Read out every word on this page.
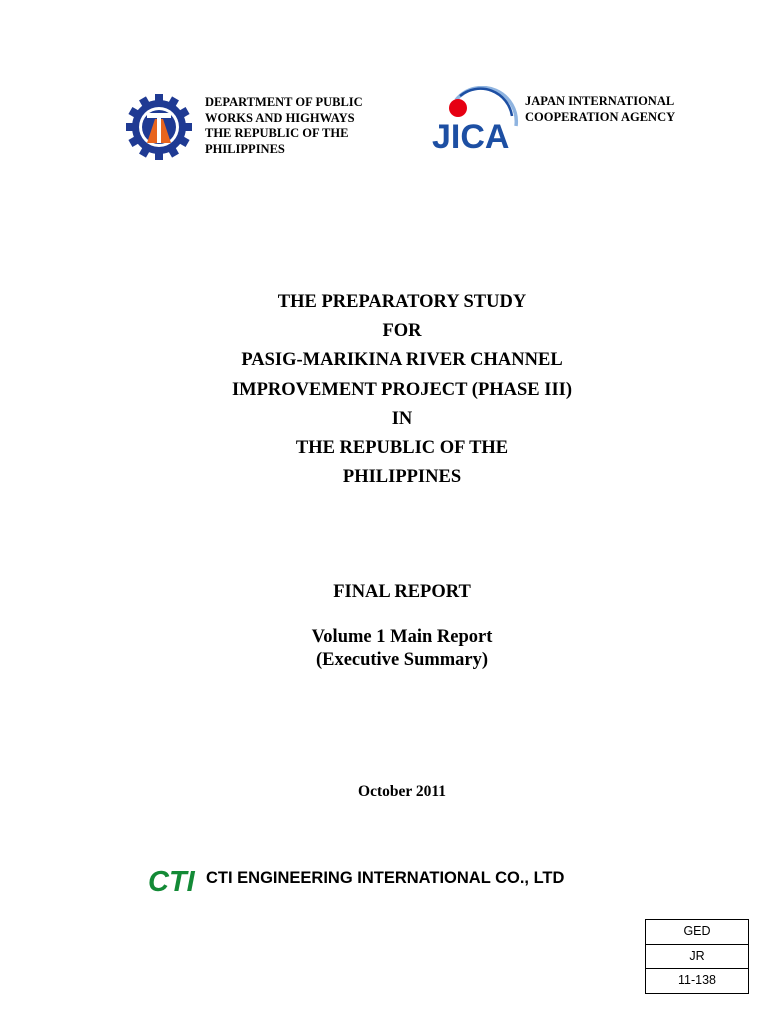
DEPARTMENT OF PUBLIC
WORKS AND HIGHWAYS
THE REPUBLIC OF THE
PHILIPPINES	JICA
JAPAN INTERNATIONAL
COOPERATION AGENCY
THE PREPARATORY STUDY
FOR
PASIG-MARIKINA RIVER CHANNEL
IMPROVEMENT PROJECT (PHASE III)
IN
THE REPUBLIC OF THE
PHILIPPINES
FINAL REPORT
Volume 1 Main Report
(Executive Summary)
October 2011
CTI CTI ENGINEERING INTERNATIONAL CO., LTD
GED
JR
11-138
